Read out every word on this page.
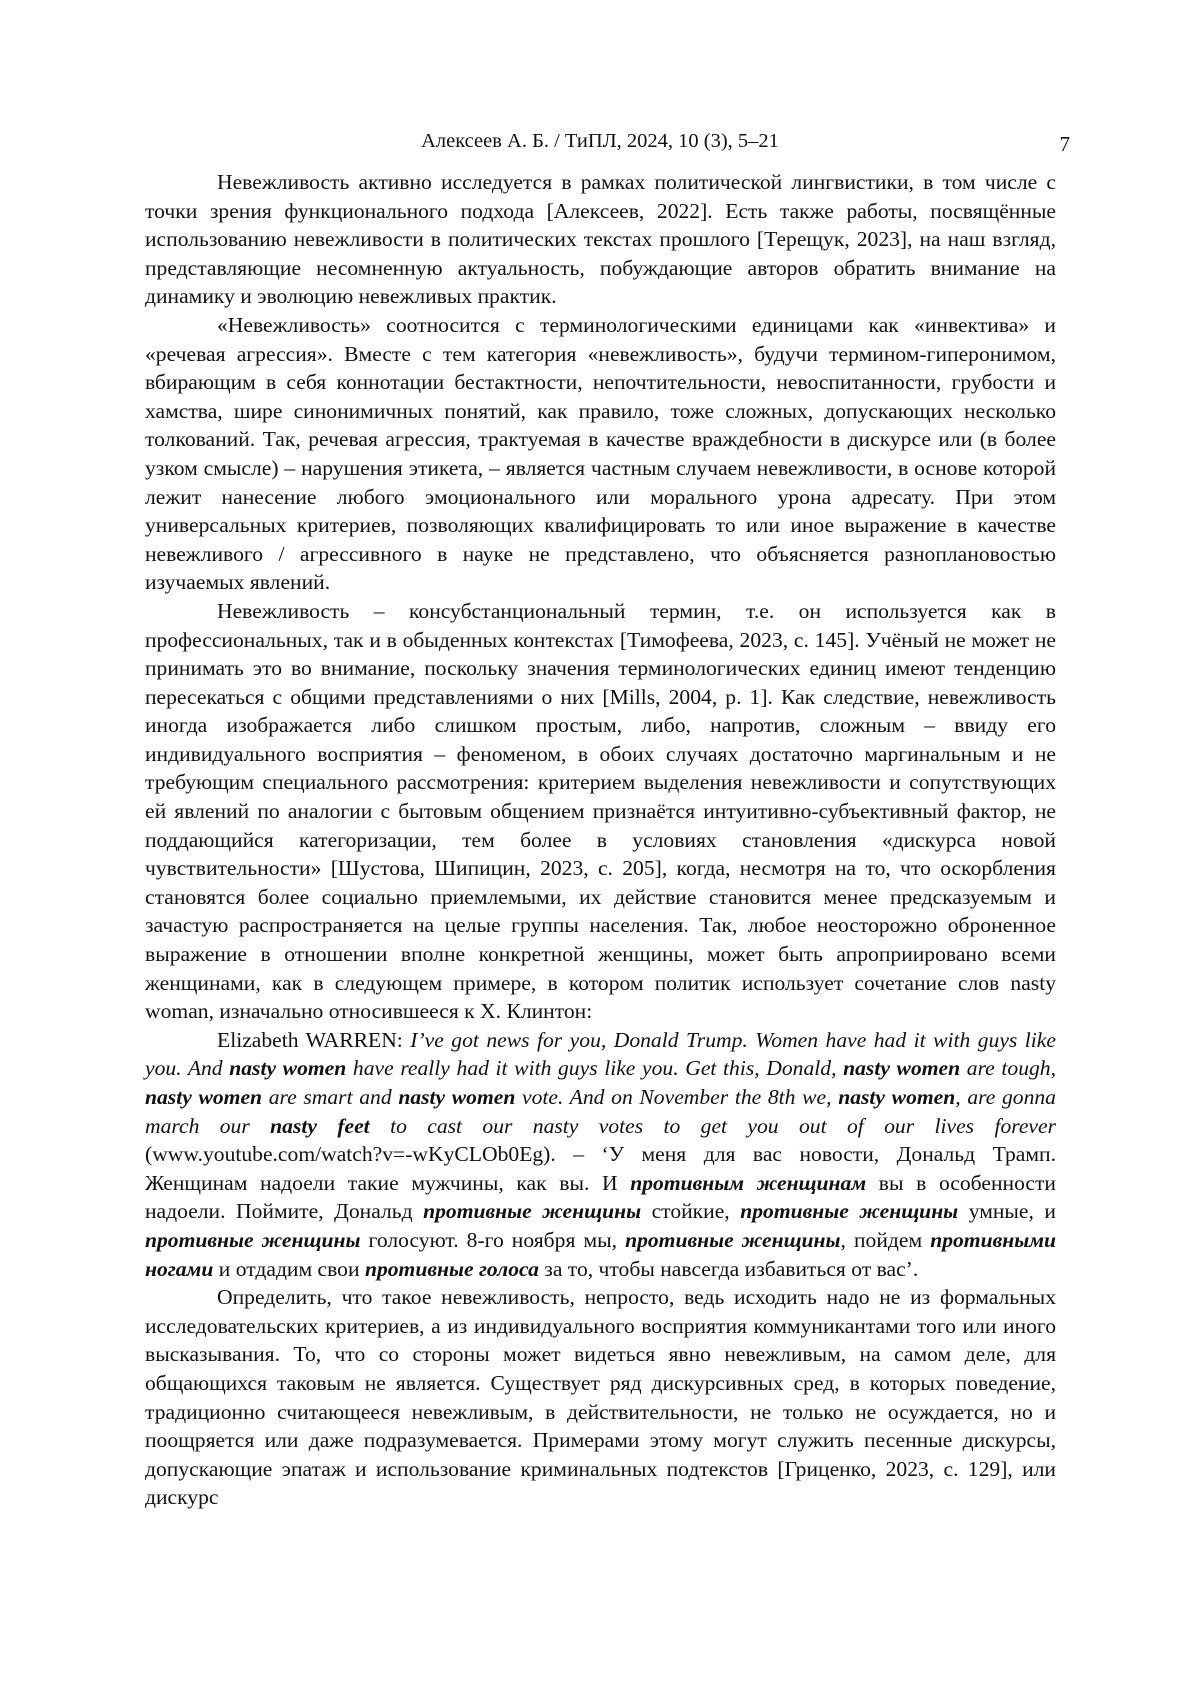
Алексеев А. Б. / ТиПЛ, 2024, 10 (3), 5–21	7

Невежливость активно исследуется в рамках политической лингвистики, в том числе с точки зрения функционального подхода [Алексеев, 2022]. Есть также работы, посвящённые использованию невежливости в политических текстах прошлого [Терещук, 2023], на наш взгляд, представляющие несомненную актуальность, побуждающие авторов обратить внимание на динамику и эволюцию невежливых практик.

«Невежливость» соотносится с терминологическими единицами как «инвектива» и «речевая агрессия». Вместе с тем категория «невежливость», будучи термином-гиперонимом, вбирающим в себя коннотации бестактности, непочтительности, невоспитанности, грубости и хамства, шире синонимичных понятий, как правило, тоже сложных, допускающих несколько толкований. Так, речевая агрессия, трактуемая в качестве враждебности в дискурсе или (в более узком смысле) – нарушения этикета, – является частным случаем невежливости, в основе которой лежит нанесение любого эмоционального или морального урона адресату. При этом универсальных критериев, позволяющих квалифицировать то или иное выражение в качестве невежливого / агрессивного в науке не представлено, что объясняется разноплановостью изучаемых явлений.

Невежливость – консубстанциональный термин, т.е. он используется как в профессиональных, так и в обыденных контекстах [Тимофеева, 2023, с. 145]. Учёный не может не принимать это во внимание, поскольку значения терминологических единиц имеют тенденцию пересекаться с общими представлениями о них [Mills, 2004, p. 1]. Как следствие, невежливость иногда изображается либо слишком простым, либо, напротив, сложным – ввиду его индивидуального восприятия – феноменом, в обоих случаях достаточно маргинальным и не требующим специального рассмотрения: критерием выделения невежливости и сопутствующих ей явлений по аналогии с бытовым общением признаётся интуитивно-субъективный фактор, не поддающийся категоризации, тем более в условиях становления «дискурса новой чувствительности» [Шустова, Шипицин, 2023, с. 205], когда, несмотря на то, что оскорбления становятся более социально приемлемыми, их действие становится менее предсказуемым и зачастую распространяется на целые группы населения. Так, любое неосторожно оброненное выражение в отношении вполне конкретной женщины, может быть апроприировано всеми женщинами, как в следующем примере, в котором политик использует сочетание слов nasty woman, изначально относившееся к Х. Клинтон:

Elizabeth WARREN: I’ve got news for you, Donald Trump. Women have had it with guys like you. And nasty women have really had it with guys like you. Get this, Donald, nasty women are tough, nasty women are smart and nasty women vote. And on November the 8th we, nasty women, are gonna march our nasty feet to cast our nasty votes to get you out of our lives forever (www.youtube.com/watch?v=-wKyCLOb0Eg). – ‘У меня для вас новости, Дональд Трамп. Женщинам надоели такие мужчины, как вы. И противным женщинам вы в особенности надоели. Поймите, Дональд противные женщины стойкие, противные женщины умные, и противные женщины голосуют. 8-го ноября мы, противные женщины, пойдем противными ногами и отдадим свои противные голоса за то, чтобы навсегда избавиться от вас’.

Определить, что такое невежливость, непросто, ведь исходить надо не из формальных исследовательских критериев, а из индивидуального восприятия коммуникантами того или иного высказывания. То, что со стороны может видеться явно невежливым, на самом деле, для общающихся таковым не является. Существует ряд дискурсивных сред, в которых поведение, традиционно считающееся невежливым, в действительности, не только не осуждается, но и поощряется или даже подразумевается. Примерами этому могут служить песенные дискурсы, допускающие эпатаж и использование криминальных подтекстов [Гриценко, 2023, с. 129], или дискурс
